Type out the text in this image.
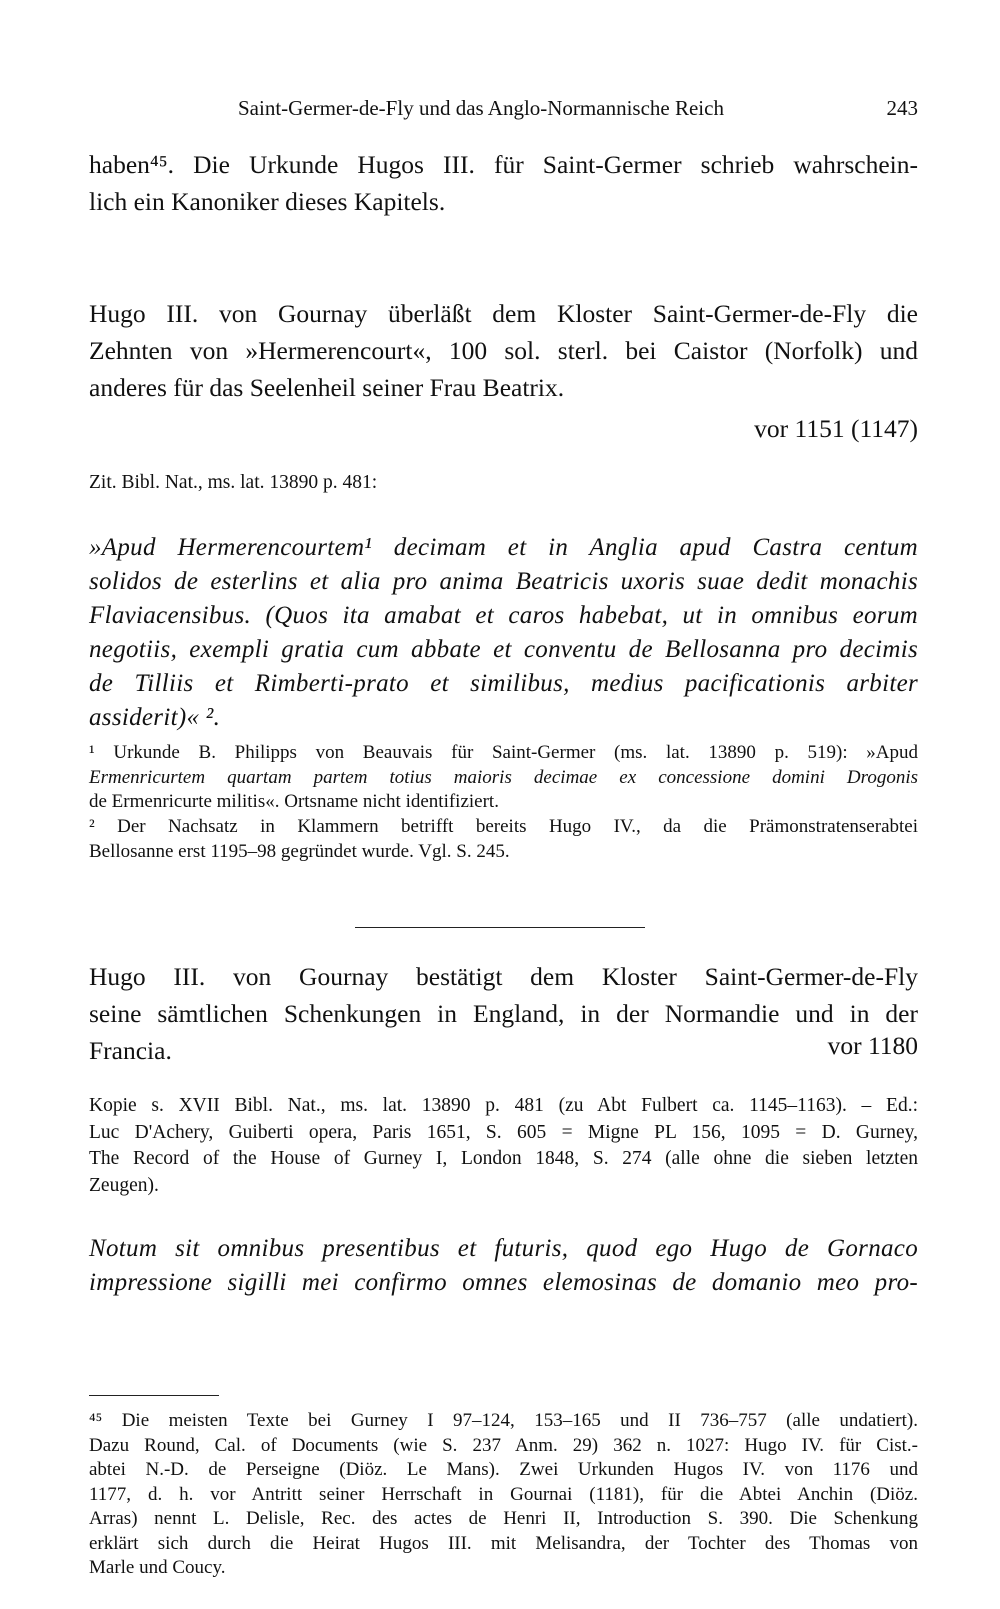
Saint-Germer-de-Fly und das Anglo-Normannische Reich	243
haben⁴⁵. Die Urkunde Hugos III. für Saint-Germer schrieb wahrschein-
lich ein Kanoniker dieses Kapitels.
Hugo III. von Gournay überläßt dem Kloster Saint-Germer-de-Fly die
Zehnten von »Hermerencourt«, 100 sol. sterl. bei Caistor (Norfolk) und
anderes für das Seelenheil seiner Frau Beatrix.
vor 1151 (1147)
Zit. Bibl. Nat., ms. lat. 13890 p. 481:
»Apud Hermerencourtem¹ decimam et in Anglia apud Castra centum
solidos de esterlins et alia pro anima Beatricis uxoris suae dedit monachis
Flaviacensibus. (Quos ita amabat et caros habebat, ut in omnibus eorum
negotiis, exempli gratia cum abbate et conventu de Bellosanna pro decimis
de Tilliis et Rimberti-prato et similibus, medius pacificationis arbiter
assiderit)« ².
¹ Urkunde B. Philipps von Beauvais für Saint-Germer (ms. lat. 13890 p. 519): »Apud
Ermenricurtem quartam partem totius maioris decimae ex concessione domini Drogonis
de Ermenricurte militis«. Ortsname nicht identifiziert.
² Der Nachsatz in Klammern betrifft bereits Hugo IV., da die Prämonstratenserabtei
Bellosanne erst 1195–98 gegründet wurde. Vgl. S. 245.
Hugo III. von Gournay bestätigt dem Kloster Saint-Germer-de-Fly
seine sämtlichen Schenkungen in England, in der Normandie und in der
Francia.	vor 1180
Kopie s. XVII Bibl. Nat., ms. lat. 13890 p. 481 (zu Abt Fulbert ca. 1145–1163). – Ed.:
Luc D'Achery, Guiberti opera, Paris 1651, S. 605 = Migne PL 156, 1095 = D. Gurney,
The Record of the House of Gurney I, London 1848, S. 274 (alle ohne die sieben letzten
Zeugen).
Notum sit omnibus presentibus et futuris, quod ego Hugo de Gornaco
impressione sigilli mei confirmo omnes elemosinas de domanio meo pro-
⁴⁵ Die meisten Texte bei Gurney I 97–124, 153–165 und II 736–757 (alle undatiert).
Dazu Round, Cal. of Documents (wie S. 237 Anm. 29) 362 n. 1027: Hugo IV. für Cist.-
abtei N.-D. de Perseigne (Diöz. Le Mans). Zwei Urkunden Hugos IV. von 1176 und
1177, d. h. vor Antritt seiner Herrschaft in Gournai (1181), für die Abtei Anchin (Diöz.
Arras) nennt L. Delisle, Rec. des actes de Henri II, Introduction S. 390. Die Schenkung
erklärt sich durch die Heirat Hugos III. mit Melisandra, der Tochter des Thomas von
Marle und Coucy.
